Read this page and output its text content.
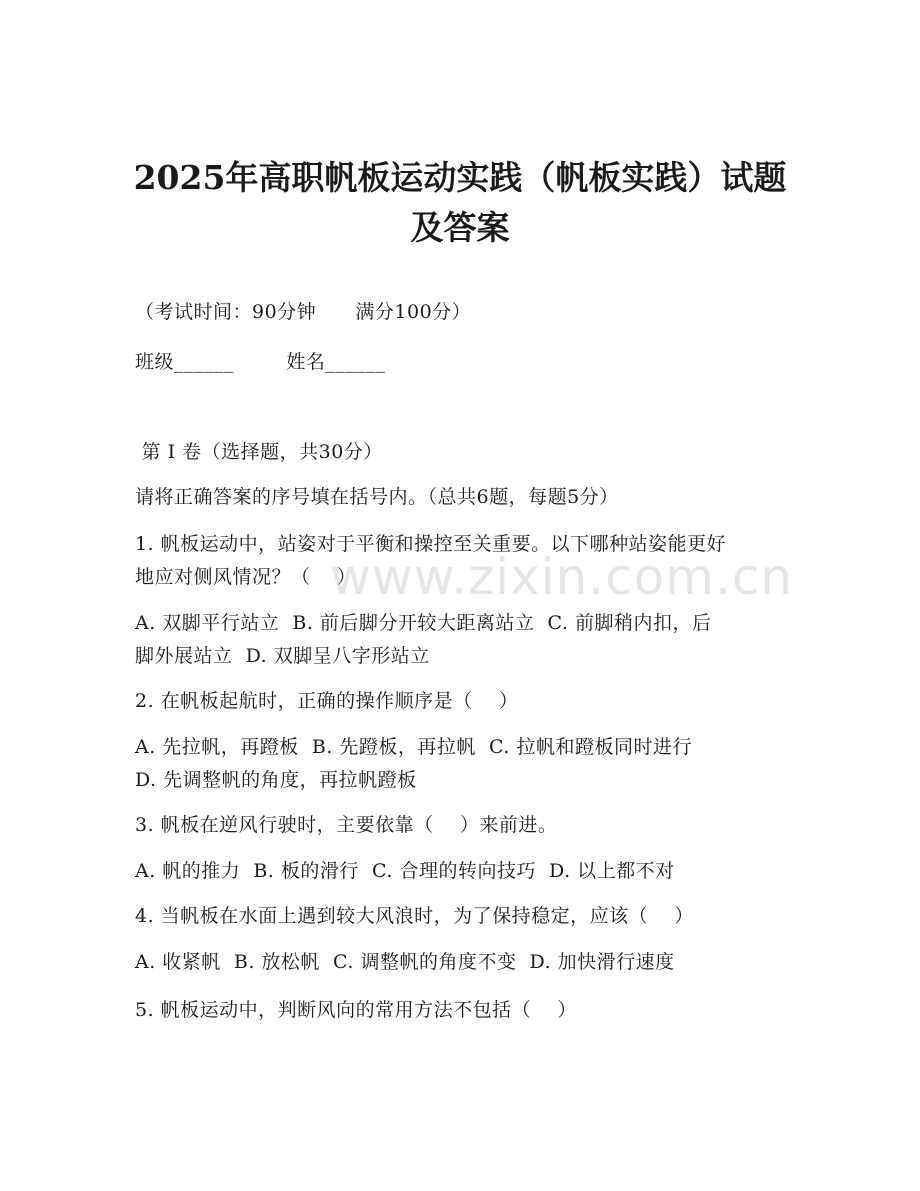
2025年高职帆板运动实践（帆板实践）试题
及答案
（考试时间：90分钟      满分100分）
班级______        姓名______
第 I 卷（选择题，共30分）
请将正确答案的序号填在括号内。（总共6题，每题5分）
1. 帆板运动中，站姿对于平衡和操控至关重要。以下哪种站姿能更好
地应对侧风情况？（    ）
A. 双脚平行站立  B. 前后脚分开较大距离站立  C. 前脚稍内扣，后
脚外展站立  D. 双脚呈八字形站立
2. 在帆板起航时，正确的操作顺序是（    ）
A. 先拉帆，再蹬板  B. 先蹬板，再拉帆  C. 拉帆和蹬板同时进行
D. 先调整帆的角度，再拉帆蹬板
3. 帆板在逆风行驶时，主要依靠（    ）来前进。
A. 帆的推力  B. 板的滑行  C. 合理的转向技巧  D. 以上都不对
4. 当帆板在水面上遇到较大风浪时，为了保持稳定，应该（    ）
A. 收紧帆  B. 放松帆  C. 调整帆的角度不变  D. 加快滑行速度
5. 帆板运动中，判断风向的常用方法不包括（    ）
www.zixin.com.cn
